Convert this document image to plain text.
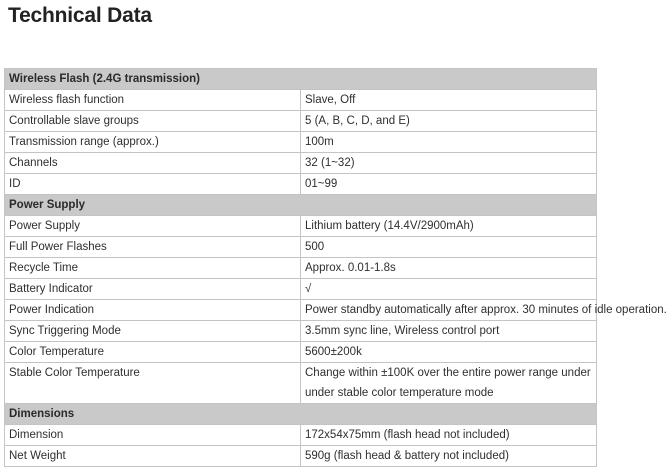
Technical Data
Wireless Flash (2.4G transmission)	
Wireless flash function	Slave, Off
Controllable slave groups	5 (A, B, C, D, and E)
Transmission range (approx.)	100m
Channels	32 (1~32)
ID	01~99
Power Supply	
Power Supply	Lithium battery (14.4V/2900mAh)
Full Power Flashes	500
Recycle Time	Approx. 0.01-1.8s
Battery Indicator	√
Power Indication	Power standby automatically after approx. 30 minutes of idle operation.
Sync Triggering Mode	3.5mm sync line, Wireless control port
Color Temperature	5600±200k
Stable Color Temperature	Change within ±100K over the entire power range under under stable color temperature mode
Dimensions	
Dimension	172x54x75mm (flash head not included)
Net Weight	590g (flash head & battery not included)
